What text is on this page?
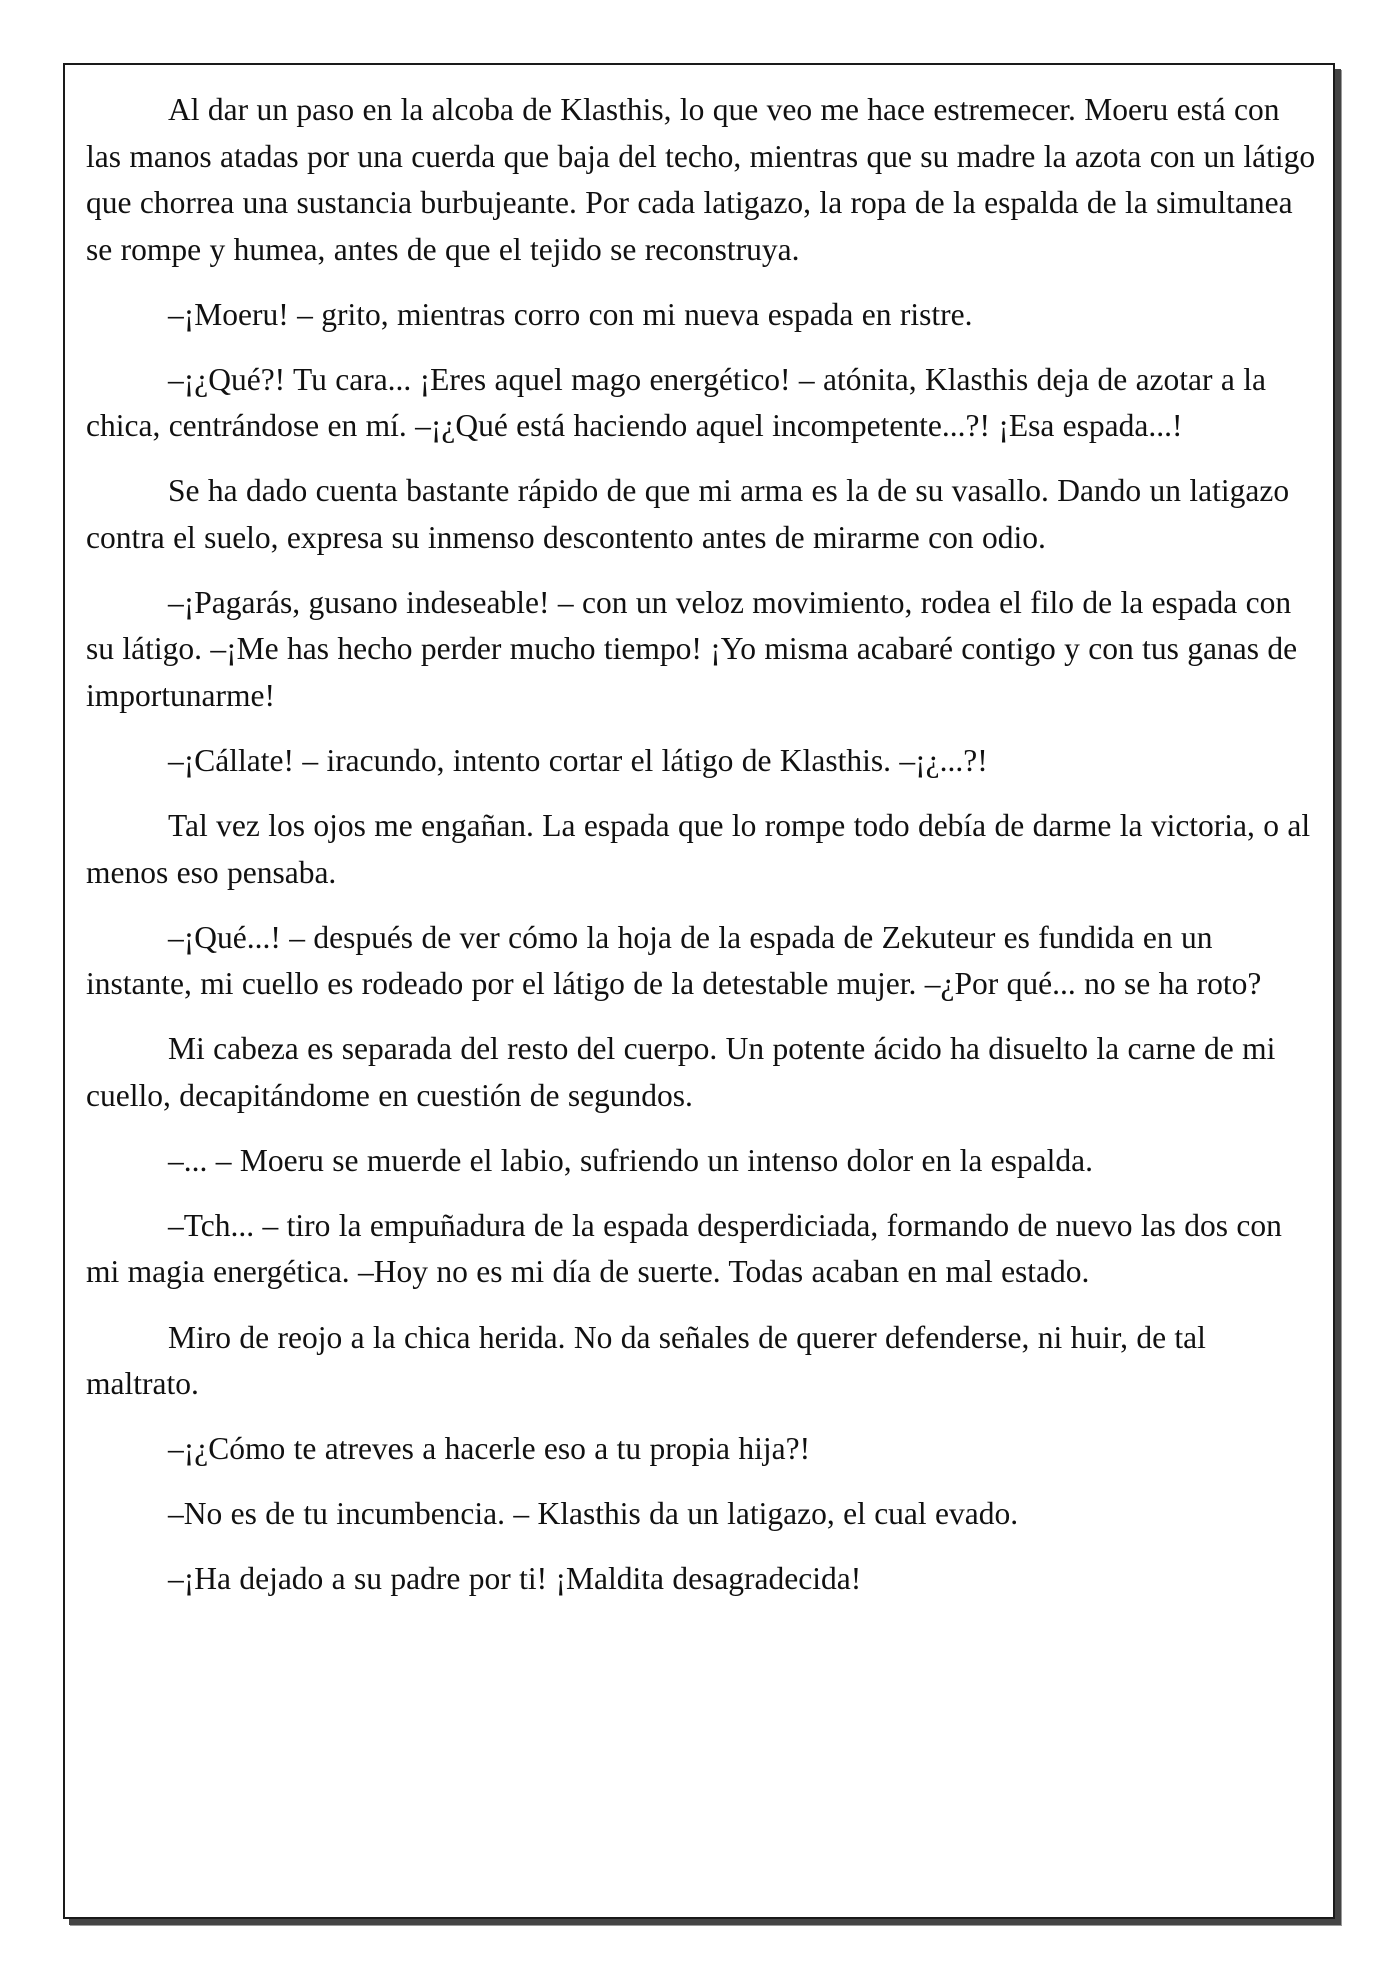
Al dar un paso en la alcoba de Klasthis, lo que veo me hace estremecer. Moeru está con las manos atadas por una cuerda que baja del techo, mientras que su madre la azota con un látigo que chorrea una sustancia burbujeante. Por cada latigazo, la ropa de la espalda de la simultanea se rompe y humea, antes de que el tejido se reconstruya.

–¡Moeru! – grito, mientras corro con mi nueva espada en ristre.

–¡¿Qué?! Tu cara... ¡Eres aquel mago energético! – atónita, Klasthis deja de azotar a la chica, centrándose en mí. –¡¿Qué está haciendo aquel incompetente...?! ¡Esa espada...!

Se ha dado cuenta bastante rápido de que mi arma es la de su vasallo. Dando un latigazo contra el suelo, expresa su inmenso descontento antes de mirarme con odio.

–¡Pagarás, gusano indeseable! – con un veloz movimiento, rodea el filo de la espada con su látigo. –¡Me has hecho perder mucho tiempo! ¡Yo misma acabaré contigo y con tus ganas de importunarme!

–¡Cállate! – iracundo, intento cortar el látigo de Klasthis. –¡¿...?!

Tal vez los ojos me engañan. La espada que lo rompe todo debía de darme la victoria, o al menos eso pensaba.

–¡Qué...! – después de ver cómo la hoja de la espada de Zekuteur es fundida en un instante, mi cuello es rodeado por el látigo de la detestable mujer. –¿Por qué... no se ha roto?

Mi cabeza es separada del resto del cuerpo. Un potente ácido ha disuelto la carne de mi cuello, decapitándome en cuestión de segundos.

–... – Moeru se muerde el labio, sufriendo un intenso dolor en la espalda.

–Tch... – tiro la empuñadura de la espada desperdiciada, formando de nuevo las dos con mi magia energética. –Hoy no es mi día de suerte. Todas acaban en mal estado.

Miro de reojo a la chica herida. No da señales de querer defenderse, ni huir, de tal maltrato.

–¡¿Cómo te atreves a hacerle eso a tu propia hija?!

–No es de tu incumbencia. – Klasthis da un latigazo, el cual evado.

–¡Ha dejado a su padre por ti! ¡Maldita desagradecida!
